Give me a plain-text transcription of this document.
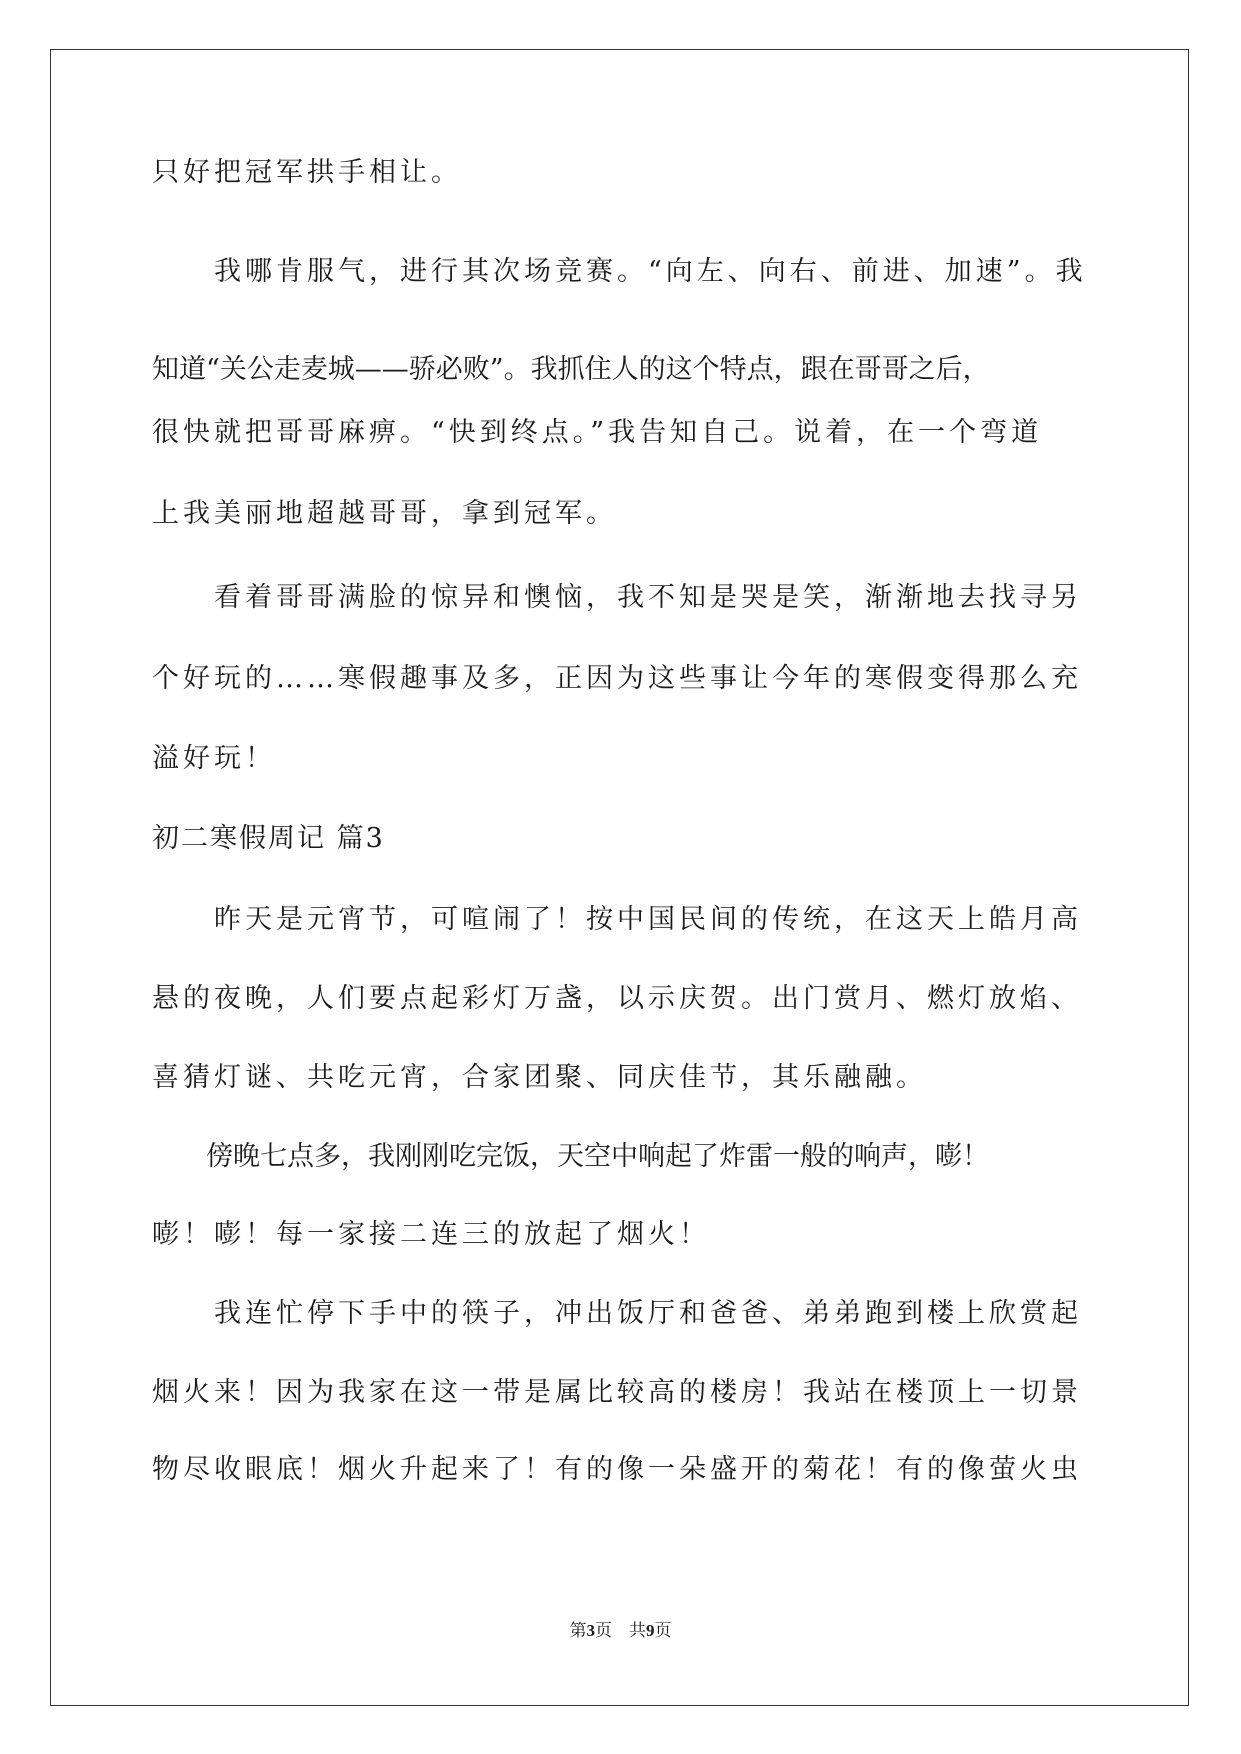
只好把冠军拱手相让。
　　我哪肯服气，进行其次场竞赛。“向左、向右、前进、加速”。我
知道“关公走麦城——骄必败”。我抓住人的这个特点，跟在哥哥之后，
很快就把哥哥麻痹。“快到终点。”我告知自己。说着，在一个弯道
上我美丽地超越哥哥，拿到冠军。
　　看着哥哥满脸的惊异和懊恼，我不知是哭是笑，渐渐地去找寻另
个好玩的……寒假趣事及多，正因为这些事让今年的寒假变得那么充
溢好玩！
初二寒假周记 篇3
　　昨天是元宵节，可喧闹了！按中国民间的传统，在这天上皓月高
悬的夜晚，人们要点起彩灯万盏，以示庆贺。出门赏月、燃灯放焰、
喜猜灯谜、共吃元宵，合家团聚、同庆佳节，其乐融融。
　　傍晚七点多，我刚刚吃完饭，天空中响起了炸雷一般的响声，嘭！
嘭！嘭！每一家接二连三的放起了烟火！
　　我连忙停下手中的筷子，冲出饭厅和爸爸、弟弟跑到楼上欣赏起
烟火来！因为我家在这一带是属比较高的楼房！我站在楼顶上一切景
物尽收眼底！烟火升起来了！有的像一朵盛开的菊花！有的像萤火虫
第3页　共9页
